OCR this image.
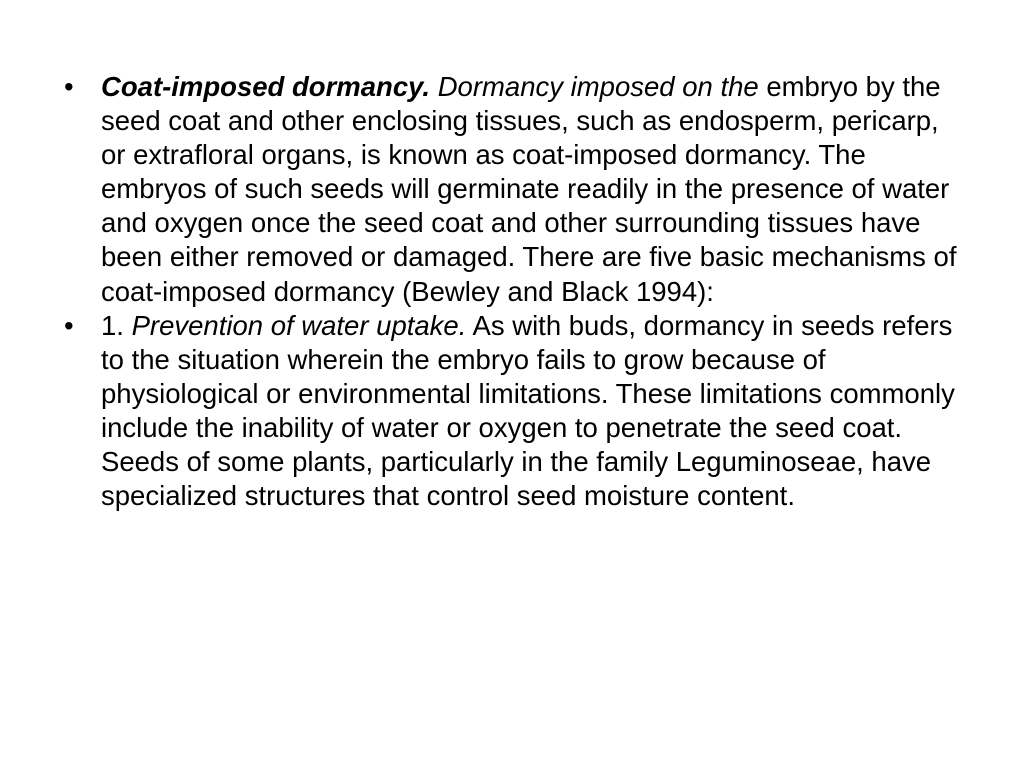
• Coat-imposed dormancy. Dormancy imposed on the embryo by the seed coat and other enclosing tissues, such as endosperm, pericarp, or extrafloral organs, is known as coat-imposed dormancy. The embryos of such seeds will germinate readily in the presence of water and oxygen once the seed coat and other surrounding tissues have been either removed or damaged. There are five basic mechanisms of coat-imposed dormancy (Bewley and Black 1994):
• 1. Prevention of water uptake. As with buds, dormancy in seeds refers to the situation wherein the embryo fails to grow because of physiological or environmental limitations. These limitations commonly include the inability of water or oxygen to penetrate the seed coat. Seeds of some plants, particularly in the family Leguminoseae, have specialized structures that control seed moisture content.
